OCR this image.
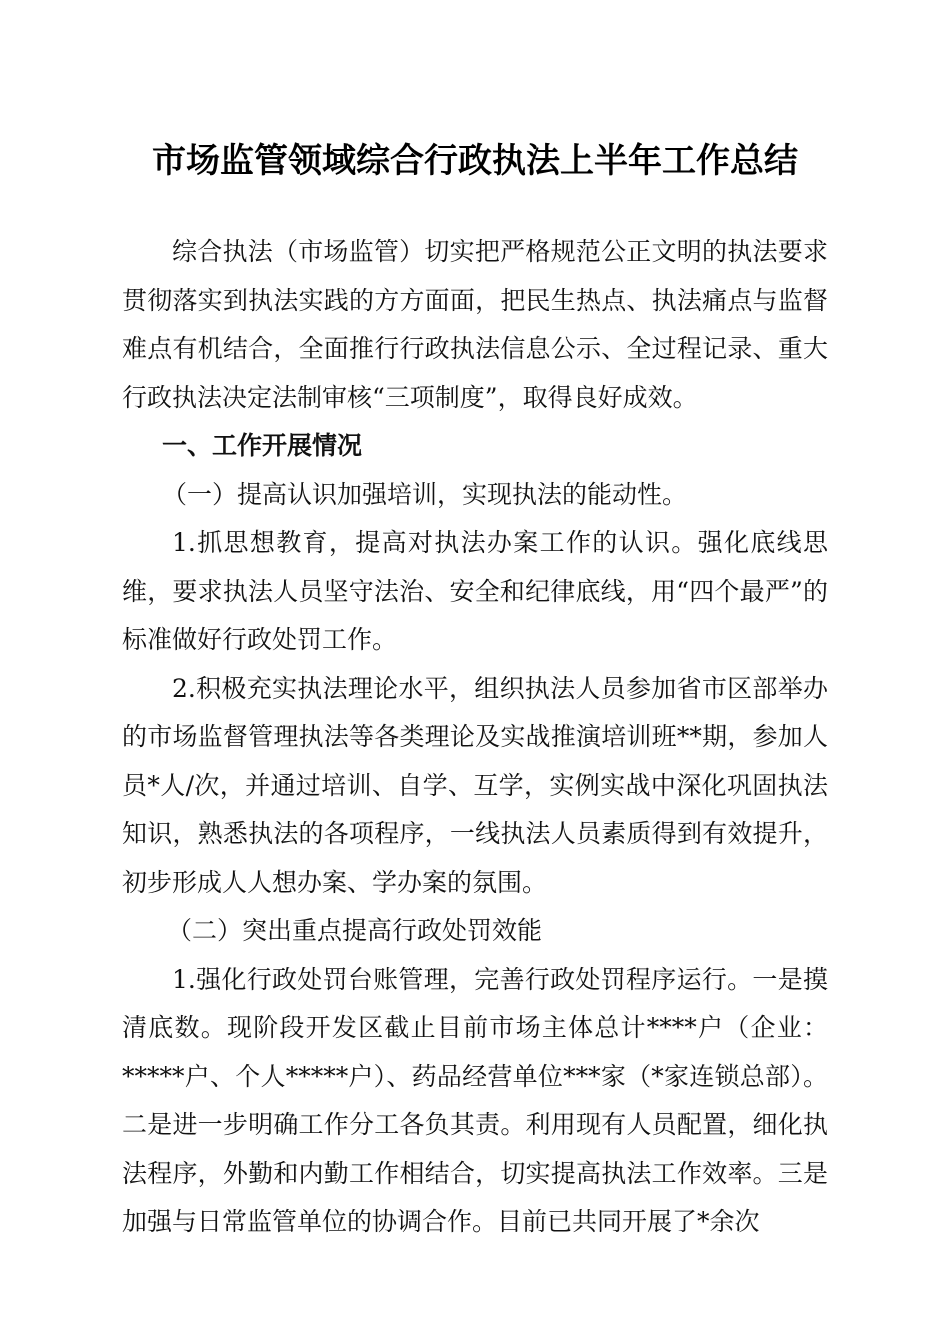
市场监管领域综合行政执法上半年工作总结

综合执法（市场监管）切实把严格规范公正文明的执法要求贯彻落实到执法实践的方方面面，把民生热点、执法痛点与监督难点有机结合，全面推行行政执法信息公示、全过程记录、重大行政执法决定法制审核“三项制度”，取得良好成效。

一、工作开展情况
（一）提高认识加强培训，实现执法的能动性。

1.抓思想教育，提高对执法办案工作的认识。强化底线思维，要求执法人员坚守法治、安全和纪律底线，用“四个最严”的标准做好行政处罚工作。

2.积极充实执法理论水平，组织执法人员参加省市区部举办的市场监督管理执法等各类理论及实战推演培训班**期，参加人员*人/次，并通过培训、自学、互学，实例实战中深化巩固执法知识，熟悉执法的各项程序，一线执法人员素质得到有效提升，初步形成人人想办案、学办案的氛围。

（二）突出重点提高行政处罚效能

1.强化行政处罚台账管理，完善行政处罚程序运行。一是摸清底数。现阶段开发区截止目前市场主体总计****户（企业：*****户、个人*****户）、药品经营单位***家（*家连锁总部）。二是进一步明确工作分工各负其责。利用现有人员配置，细化执法程序，外勤和内勤工作相结合，切实提高执法工作效率。三是加强与日常监管单位的协调合作。目前已共同开展了*余次
